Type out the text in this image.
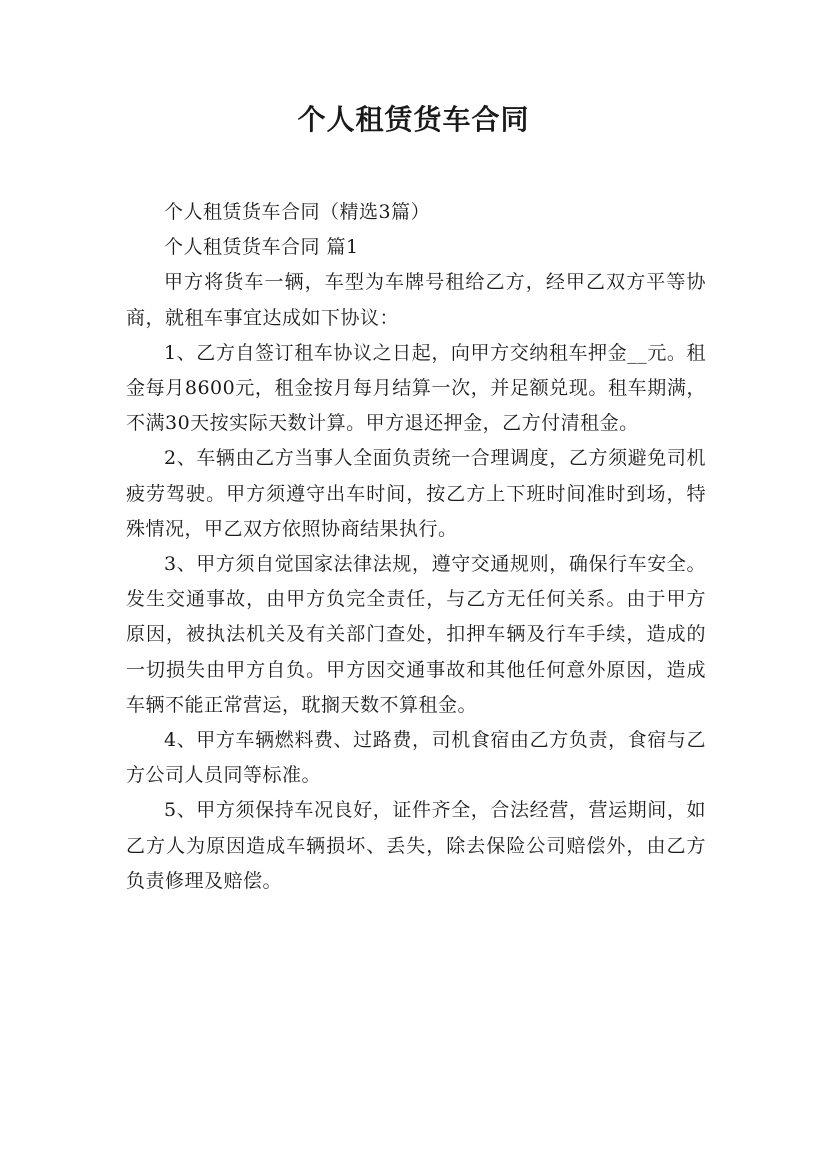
个人租赁货车合同

个人租赁货车合同（精选3篇）

个人租赁货车合同 篇1

甲方将货车一辆，车型为车牌号租给乙方，经甲乙双方平等协商，就租车事宜达成如下协议：

1、乙方自签订租车协议之日起，向甲方交纳租车押金__元。租金每月8600元，租金按月每月结算一次，并足额兑现。租车期满，不满30天按实际天数计算。甲方退还押金，乙方付清租金。

2、车辆由乙方当事人全面负责统一合理调度，乙方须避免司机疲劳驾驶。甲方须遵守出车时间，按乙方上下班时间准时到场，特殊情况，甲乙双方依照协商结果执行。

3、甲方须自觉国家法律法规，遵守交通规则，确保行车安全。发生交通事故，由甲方负完全责任，与乙方无任何关系。由于甲方原因，被执法机关及有关部门查处，扣押车辆及行车手续，造成的一切损失由甲方自负。甲方因交通事故和其他任何意外原因，造成车辆不能正常营运，耽搁天数不算租金。

4、甲方车辆燃料费、过路费，司机食宿由乙方负责，食宿与乙方公司人员同等标准。

5、甲方须保持车况良好，证件齐全，合法经营，营运期间，如乙方人为原因造成车辆损坏、丢失，除去保险公司赔偿外，由乙方负责修理及赔偿。
